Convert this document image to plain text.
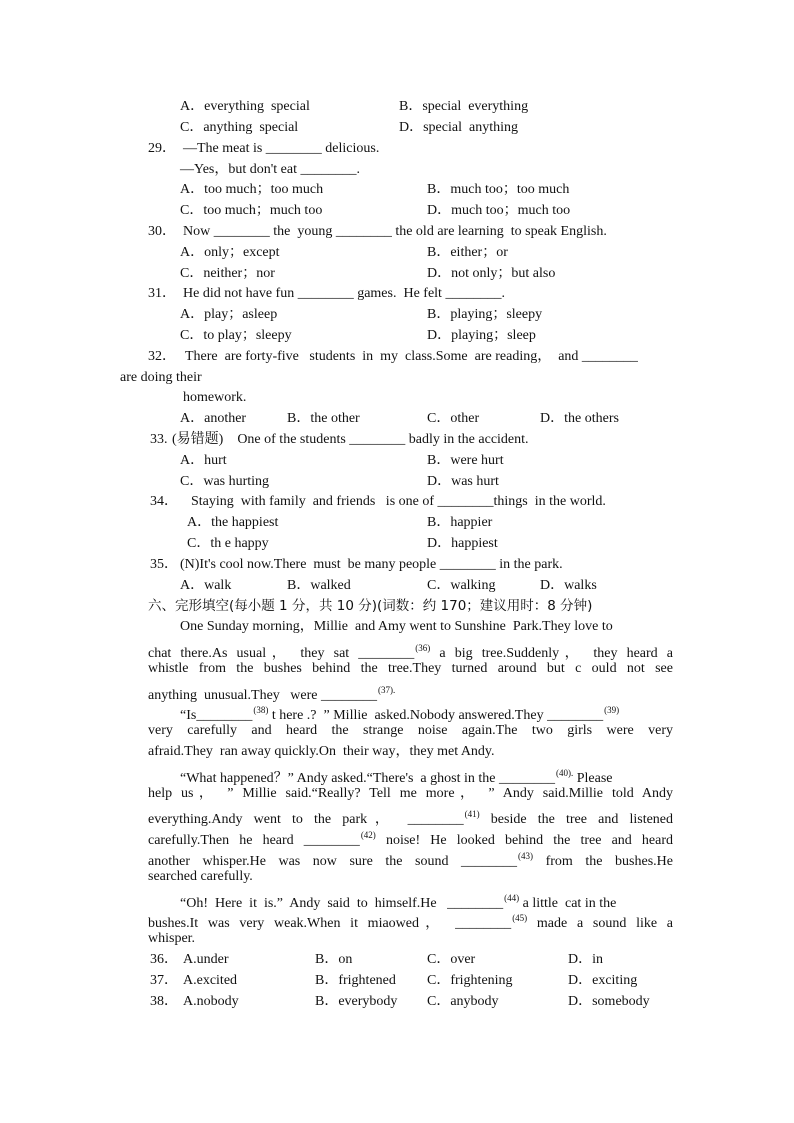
A．everything  special	B．special  everything
C．anything  special	D．special  anything
29． —The meat is ________ delicious.
—Yes，but don't eat ________.
A．too much；too much	B．much too；too much
C．too much；much too	D．much too；much too
30． Now ________ the  young ________ the old are learning  to speak English.
A．only；except	B．either；or
C．neither；nor	D．not only；but also
31． He did not have fun ________ games.  He felt ________.
A．play；asleep	B．playing；sleepy
C．to play；sleepy	D．playing；sleep
32． There  are forty-five   students  in  my  class.Some  are reading，  and ________
are doing their
homework.
A．another	B．the other	C．other	D．the others
33. (易错题)    One of the students ________ badly in the accident.
A．hurt	B．were hurt
C．was hurting	D．was hurt
34． Staying  with family  and friends   is one of ________things  in the world.
A．the happiest	B．happier
C．th e happy	D．happiest
35． (N)It's cool now.There  must  be many people ________ in the park.
A．walk	B．walked	C．walking	D．walks
六、完形填空(每小题 1 分，共 10 分)(词数：约 170；建议用时：8 分钟)
One Sunday morning，Millie  and Amy went to Sunshine  Park.They love to
chat there.As usual， they sat ________$^{(36)}$ a big tree.Suddenly， they heard a
whistle from the bushes behind the tree.They turned around but c ould not see
anything  unusual.They   were ________$^{(37).}$
“Is________$^{(38)}$ t here .?  ” Millie  asked.Nobody answered.They ________$^{(39)}$
very carefully and heard the strange noise again.The two girls were very
afraid.They  ran away quickly.On  their way，they met Andy.
“What happened？” Andy asked.“There's  a ghost in the ________$^{(40).}$ Please
help us， ” Millie said.“Really? Tell me more， ” Andy said.Millie told Andy
everything.Andy went to the park， ________$^{(41)}$ beside the tree and listened
carefully.Then he heard ________$^{(42)}$ noise! He looked behind the tree and heard
another whisper.He was now sure the sound ________$^{(43)}$ from the bushes.He
searched carefully.
“Oh!  Here  it  is.”  Andy  said  to  himself.He   ________$^{(44)}$ a little  cat in the
bushes.It was very weak.When it miaowed， ________$^{(45)}$ made a sound like a
whisper.
36． A.under	B．on	C．over	D．in
37． A.excited	B．frightened C．frightening	D．exciting
38． A.nobody	B．everybody C．anybody	D．somebody
